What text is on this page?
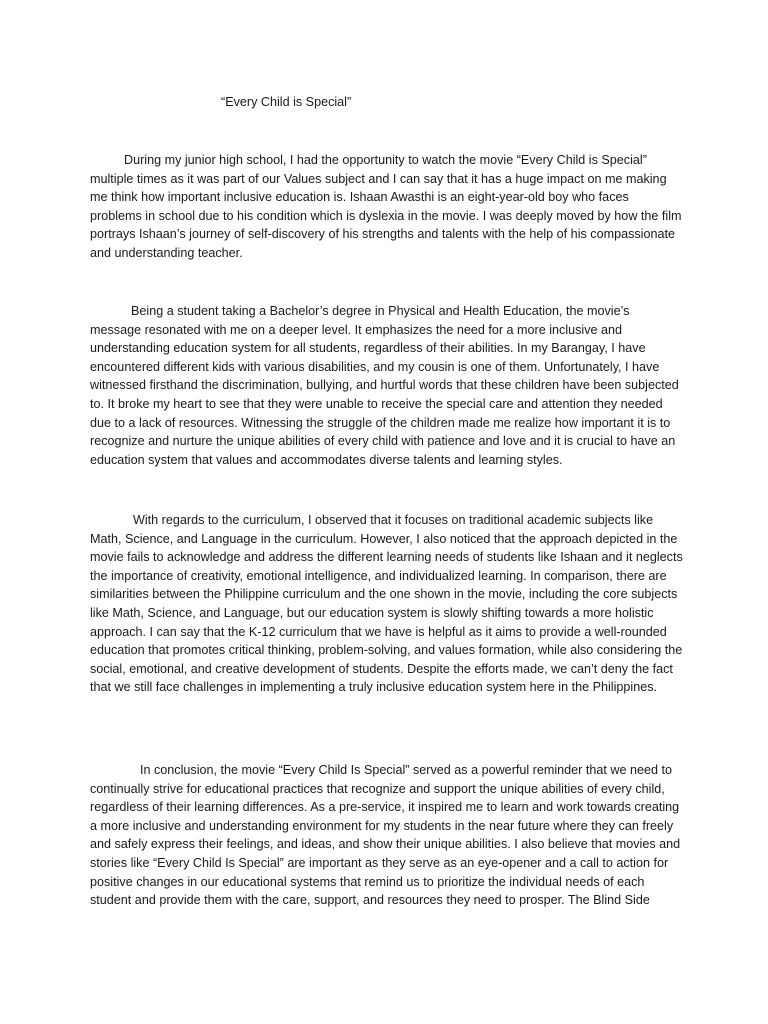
“Every Child is Special”

During my junior high school, I had the opportunity to watch the movie “Every Child is Special” multiple times as it was part of our Values subject and I can say that it has a huge impact on me making me think how important inclusive education is. Ishaan Awasthi is an eight-year-old boy who faces problems in school due to his condition which is dyslexia in the movie. I was deeply moved by how the film portrays Ishaan’s journey of self-discovery of his strengths and talents with the help of his compassionate and understanding teacher.

Being a student taking a Bachelor’s degree in Physical and Health Education, the movie’s message resonated with me on a deeper level. It emphasizes the need for a more inclusive and understanding education system for all students, regardless of their abilities. In my Barangay, I have encountered different kids with various disabilities, and my cousin is one of them. Unfortunately, I have witnessed firsthand the discrimination, bullying, and hurtful words that these children have been subjected to. It broke my heart to see that they were unable to receive the special care and attention they needed due to a lack of resources. Witnessing the struggle of the children made me realize how important it is to recognize and nurture the unique abilities of every child with patience and love and it is crucial to have an education system that values and accommodates diverse talents and learning styles.

With regards to the curriculum, I observed that it focuses on traditional academic subjects like Math, Science, and Language in the curriculum. However, I also noticed that the approach depicted in the movie fails to acknowledge and address the different learning needs of students like Ishaan and it neglects the importance of creativity, emotional intelligence, and individualized learning. In comparison, there are similarities between the Philippine curriculum and the one shown in the movie, including the core subjects like Math, Science, and Language, but our education system is slowly shifting towards a more holistic approach. I can say that the K-12 curriculum that we have is helpful as it aims to provide a well-rounded education that promotes critical thinking, problem-solving, and values formation, while also considering the social, emotional, and creative development of students. Despite the efforts made, we can’t deny the fact that we still face challenges in implementing a truly inclusive education system here in the Philippines.

In conclusion, the movie “Every Child Is Special” served as a powerful reminder that we need to continually strive for educational practices that recognize and support the unique abilities of every child, regardless of their learning differences. As a pre-service, it inspired me to learn and work towards creating a more inclusive and understanding environment for my students in the near future where they can freely and safely express their feelings, and ideas, and show their unique abilities. I also believe that movies and stories like “Every Child Is Special” are important as they serve as an eye-opener and a call to action for positive changes in our educational systems that remind us to prioritize the individual needs of each student and provide them with the care, support, and resources they need to prosper. The Blind Side
